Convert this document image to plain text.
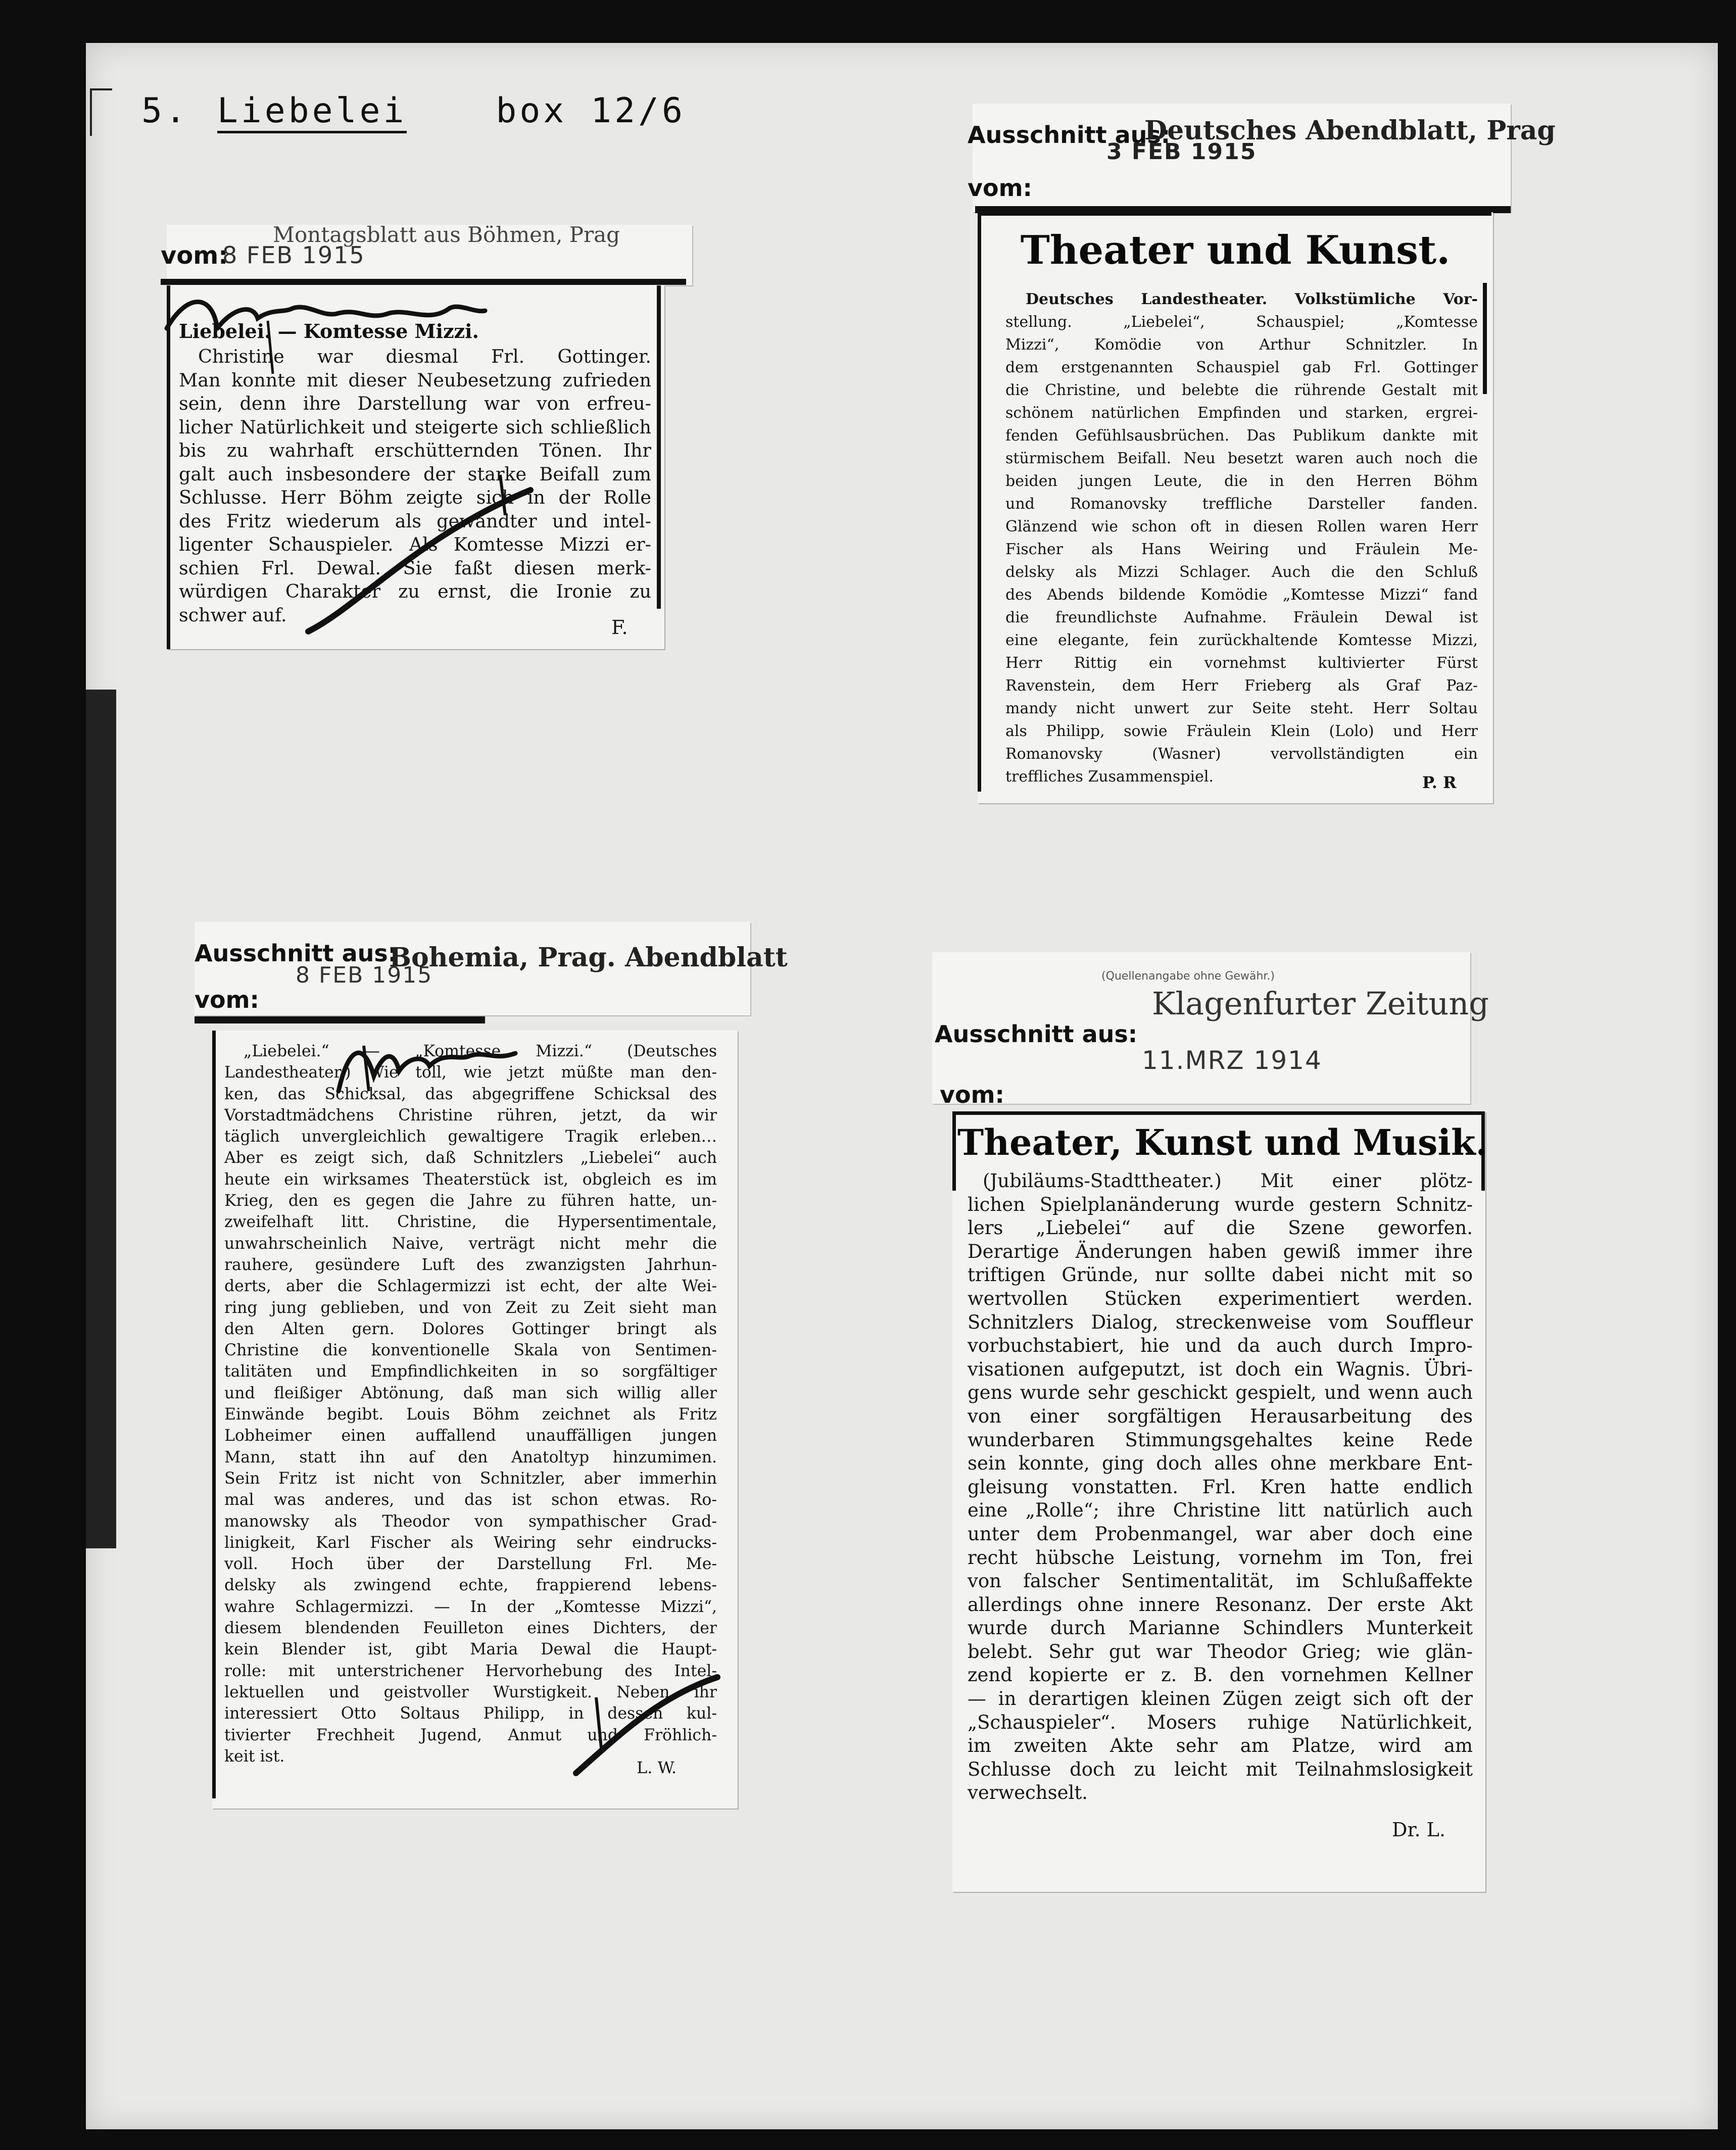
5. Liebelei	box 12/6
Montagsblatt aus Böhmen, Prag
vom:
8 FEB 1915
Liebelei. — Komtesse Mizzi.
Christine war diesmal Frl. Gottinger.
Man konnte mit dieser Neubesetzung zufrieden
sein, denn ihre Darstellung war von erfreu-
licher Natürlichkeit und steigerte sich schließlich
bis zu wahrhaft erschütternden Tönen. Ihr
galt auch insbesondere der starke Beifall zum
Schlusse. Herr Böhm zeigte sich in der Rolle
des Fritz wiederum als gewandter und intel-
ligenter Schauspieler. Als Komtesse Mizzi er-
schien Frl. Dewal. Sie faßt diesen merk-
würdigen Charakter zu ernst, die Ironie zu
schwer auf.
F.
Ausschnitt aus:
Deutsches Abendblatt, Prag
3 FEB 1915
vom:
Theater und Kunst.
Deutsches Landestheater. Volkstümliche Vor-
stellung. „Liebelei“, Schauspiel; „Komtesse
Mizzi“, Komödie von Arthur Schnitzler. In
dem erstgenannten Schauspiel gab Frl. Gottinger
die Christine, und belebte die rührende Gestalt mit
schönem natürlichen Empfinden und starken, ergrei-
fenden Gefühlsausbrüchen. Das Publikum dankte mit
stürmischem Beifall. Neu besetzt waren auch noch die
beiden jungen Leute, die in den Herren Böhm
und Romanovsky treffliche Darsteller fanden.
Glänzend wie schon oft in diesen Rollen waren Herr
Fischer als Hans Weiring und Fräulein Me-
delsky als Mizzi Schlager. Auch die den Schluß
des Abends bildende Komödie „Komtesse Mizzi“ fand
die freundlichste Aufnahme. Fräulein Dewal ist
eine elegante, fein zurückhaltende Komtesse Mizzi,
Herr Rittig ein vornehmst kultivierter Fürst
Ravenstein, dem Herr Frieberg als Graf Paz-
mandy nicht unwert zur Seite steht. Herr Soltau
als Philipp, sowie Fräulein Klein (Lolo) und Herr
Romanovsky (Wasner) vervollständigten ein
treffliches Zusammenspiel.	P. R
Ausschnitt aus:
Bohemia, Prag. Abendblatt
8 FEB 1915
vom:
„Liebelei.“ — „Komtesse Mizzi.“ (Deutsches
Landestheater.) Wie toll, wie jetzt müßte man den-
ken, das Schicksal, das abgegriffene Schicksal des
Vorstadtmädchens Christine rühren, jetzt, da wir
täglich unvergleichlich gewaltigere Tragik erleben…
Aber es zeigt sich, daß Schnitzlers „Liebelei“ auch
heute ein wirksames Theaterstück ist, obgleich es im
Krieg, den es gegen die Jahre zu führen hatte, un-
zweifelhaft litt. Christine, die Hypersentimentale,
unwahrscheinlich Naive, verträgt nicht mehr die
rauhere, gesündere Luft des zwanzigsten Jahrhun-
derts, aber die Schlagermizzi ist echt, der alte Wei-
ring jung geblieben, und von Zeit zu Zeit sieht man
den Alten gern. Dolores Gottinger bringt als
Christine die konventionelle Skala von Sentimen-
talitäten und Empfindlichkeiten in so sorgfältiger
und fleißiger Abtönung, daß man sich willig aller
Einwände begibt. Louis Böhm zeichnet als Fritz
Lobheimer einen auffallend unauffälligen jungen
Mann, statt ihn auf den Anatoltyp hinzumimen.
Sein Fritz ist nicht von Schnitzler, aber immerhin
mal was anderes, und das ist schon etwas. Ro-
manowsky als Theodor von sympathischer Grad-
linigkeit, Karl Fischer als Weiring sehr eindrucks-
voll. Hoch über der Darstellung Frl. Me-
delsky als zwingend echte, frappierend lebens-
wahre Schlagermizzi. — In der „Komtesse Mizzi“,
diesem blendenden Feuilleton eines Dichters, der
kein Blender ist, gibt Maria Dewal die Haupt-
rolle: mit unterstrichener Hervorhebung des Intel-
lektuellen und geistvoller Wurstigkeit. Neben ihr
interessiert Otto Soltaus Philipp, in dessen kul-
tivierter Frechheit Jugend, Anmut und Fröhlich-
keit ist.
L. W.
(Quellenangabe ohne Gewähr.)
Ausschnitt aus:
Klagenfurter Zeitung
11.MRZ 1914
vom:
Theater, Kunst und Musik.
(Jubiläums-Stadttheater.) Mit einer plötz-
lichen Spielplanänderung wurde gestern Schnitz-
lers „Liebelei“ auf die Szene geworfen.
Derartige Änderungen haben gewiß immer ihre
triftigen Gründe, nur sollte dabei nicht mit so
wertvollen Stücken experimentiert werden.
Schnitzlers Dialog, streckenweise vom Souffleur
vorbuchstabiert, hie und da auch durch Impro-
visationen aufgeputzt, ist doch ein Wagnis. Übri-
gens wurde sehr geschickt gespielt, und wenn auch
von einer sorgfältigen Herausarbeitung des
wunderbaren Stimmungsgehaltes keine Rede
sein konnte, ging doch alles ohne merkbare Ent-
gleisung vonstatten. Frl. Kren hatte endlich
eine „Rolle“; ihre Christine litt natürlich auch
unter dem Probenmangel, war aber doch eine
recht hübsche Leistung, vornehm im Ton, frei
von falscher Sentimentalität, im Schlußaffekte
allerdings ohne innere Resonanz. Der erste Akt
wurde durch Marianne Schindlers Munterkeit
belebt. Sehr gut war Theodor Grieg; wie glän-
zend kopierte er z. B. den vornehmen Kellner
— in derartigen kleinen Zügen zeigt sich oft der
„Schauspieler“. Mosers ruhige Natürlichkeit,
im zweiten Akte sehr am Platze, wird am
Schlusse doch zu leicht mit Teilnahmslosigkeit
verwechselt.
Dr. L.
